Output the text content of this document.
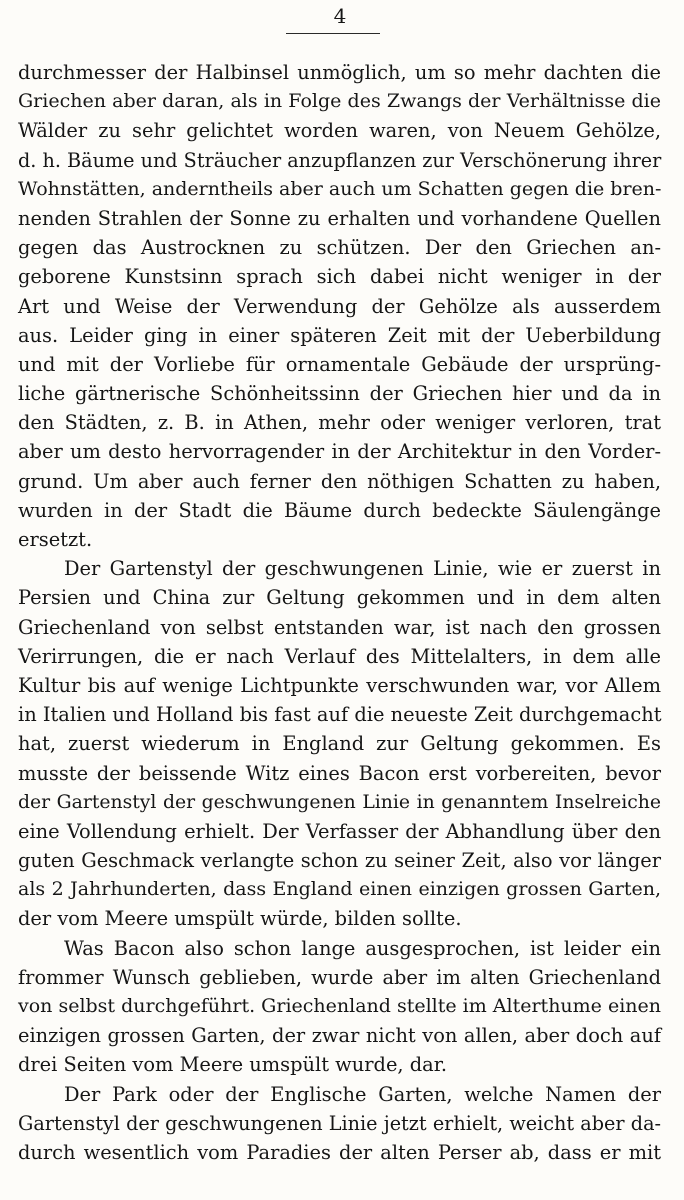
4
durchmesser der Halbinsel unmöglich, um so mehr dachten die
Griechen aber daran, als in Folge des Zwangs der Verhältnisse die
Wälder zu sehr gelichtet worden waren, von Neuem Gehölze,
d. h. Bäume und Sträucher anzupflanzen zur Verschönerung ihrer
Wohnstätten, anderntheils aber auch um Schatten gegen die bren-
nenden Strahlen der Sonne zu erhalten und vorhandene Quellen
gegen das Austrocknen zu schützen. Der den Griechen an-
geborene Kunstsinn sprach sich dabei nicht weniger in der
Art und Weise der Verwendung der Gehölze als ausserdem
aus. Leider ging in einer späteren Zeit mit der Ueberbildung
und mit der Vorliebe für ornamentale Gebäude der ursprüng-
liche gärtnerische Schönheitssinn der Griechen hier und da in
den Städten, z. B. in Athen, mehr oder weniger verloren, trat
aber um desto hervorragender in der Architektur in den Vorder-
grund. Um aber auch ferner den nöthigen Schatten zu haben,
wurden in der Stadt die Bäume durch bedeckte Säulengänge
ersetzt.
Der Gartenstyl der geschwungenen Linie, wie er zuerst in
Persien und China zur Geltung gekommen und in dem alten
Griechenland von selbst entstanden war, ist nach den grossen
Verirrungen, die er nach Verlauf des Mittelalters, in dem alle
Kultur bis auf wenige Lichtpunkte verschwunden war, vor Allem
in Italien und Holland bis fast auf die neueste Zeit durchgemacht
hat, zuerst wiederum in England zur Geltung gekommen. Es
musste der beissende Witz eines Bacon erst vorbereiten, bevor
der Gartenstyl der geschwungenen Linie in genanntem Inselreiche
eine Vollendung erhielt. Der Verfasser der Abhandlung über den
guten Geschmack verlangte schon zu seiner Zeit, also vor länger
als 2 Jahrhunderten, dass England einen einzigen grossen Garten,
der vom Meere umspült würde, bilden sollte.
Was Bacon also schon lange ausgesprochen, ist leider ein
frommer Wunsch geblieben, wurde aber im alten Griechenland
von selbst durchgeführt. Griechenland stellte im Alterthume einen
einzigen grossen Garten, der zwar nicht von allen, aber doch auf
drei Seiten vom Meere umspült wurde, dar.
Der Park oder der Englische Garten, welche Namen der
Gartenstyl der geschwungenen Linie jetzt erhielt, weicht aber da-
durch wesentlich vom Paradies der alten Perser ab, dass er mit
